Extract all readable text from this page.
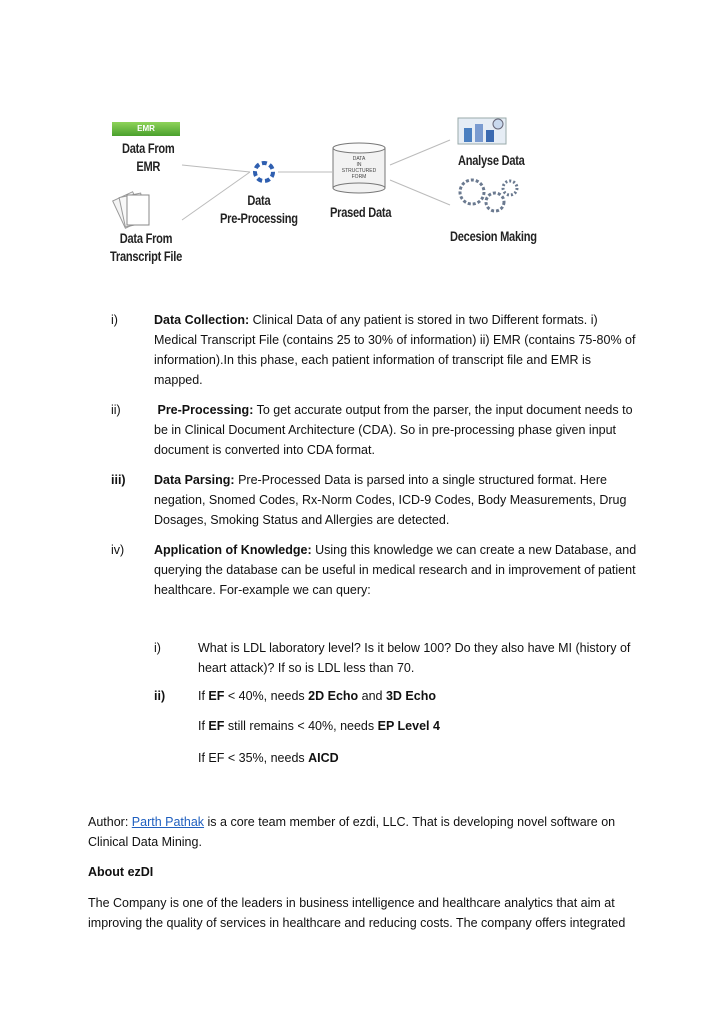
EMR
Data From
EMR
Data From
Transcript File
Data
Pre-Processing
DATA
IN
STRUCTURED
FORM
Prased Data
Analyse Data
Decesion Making
i)	Data Collection: Clinical Data of any patient is stored in two Different formats. i)
Medical Transcript File (contains 25 to 30% of information) ii) EMR (contains 75-80% of
information).In this phase, each patient information of transcript file and EMR is
mapped.
ii)	Pre-Processing: To get accurate output from the parser, the input document needs to
be in Clinical Document Architecture (CDA). So in pre-processing phase given input
document is converted into CDA format.
iii) Data Parsing: Pre-Processed Data is parsed into a single structured format. Here
negation, Snomed Codes, Rx-Norm Codes, ICD-9 Codes, Body Measurements, Drug
Dosages, Smoking Status and Allergies are detected.
iv) Application of Knowledge: Using this knowledge we can create a new Database, and
querying the database can be useful in medical research and in improvement of patient
healthcare. For-example we can query:
i)	What is LDL laboratory level? Is it below 100? Do they also have MI (history of
heart attack)? If so is LDL less than 70.
ii)	If EF < 40%, needs 2D Echo and 3D Echo
If EF still remains < 40%, needs EP Level 4
If EF < 35%, needs AICD
Author: Parth Pathak is a core team member of ezdi, LLC. That is developing novel software on
Clinical Data Mining.
About ezDI
The Company is one of the leaders in business intelligence and healthcare analytics that aim at
improving the quality of services in healthcare and reducing costs. The company offers integrated
